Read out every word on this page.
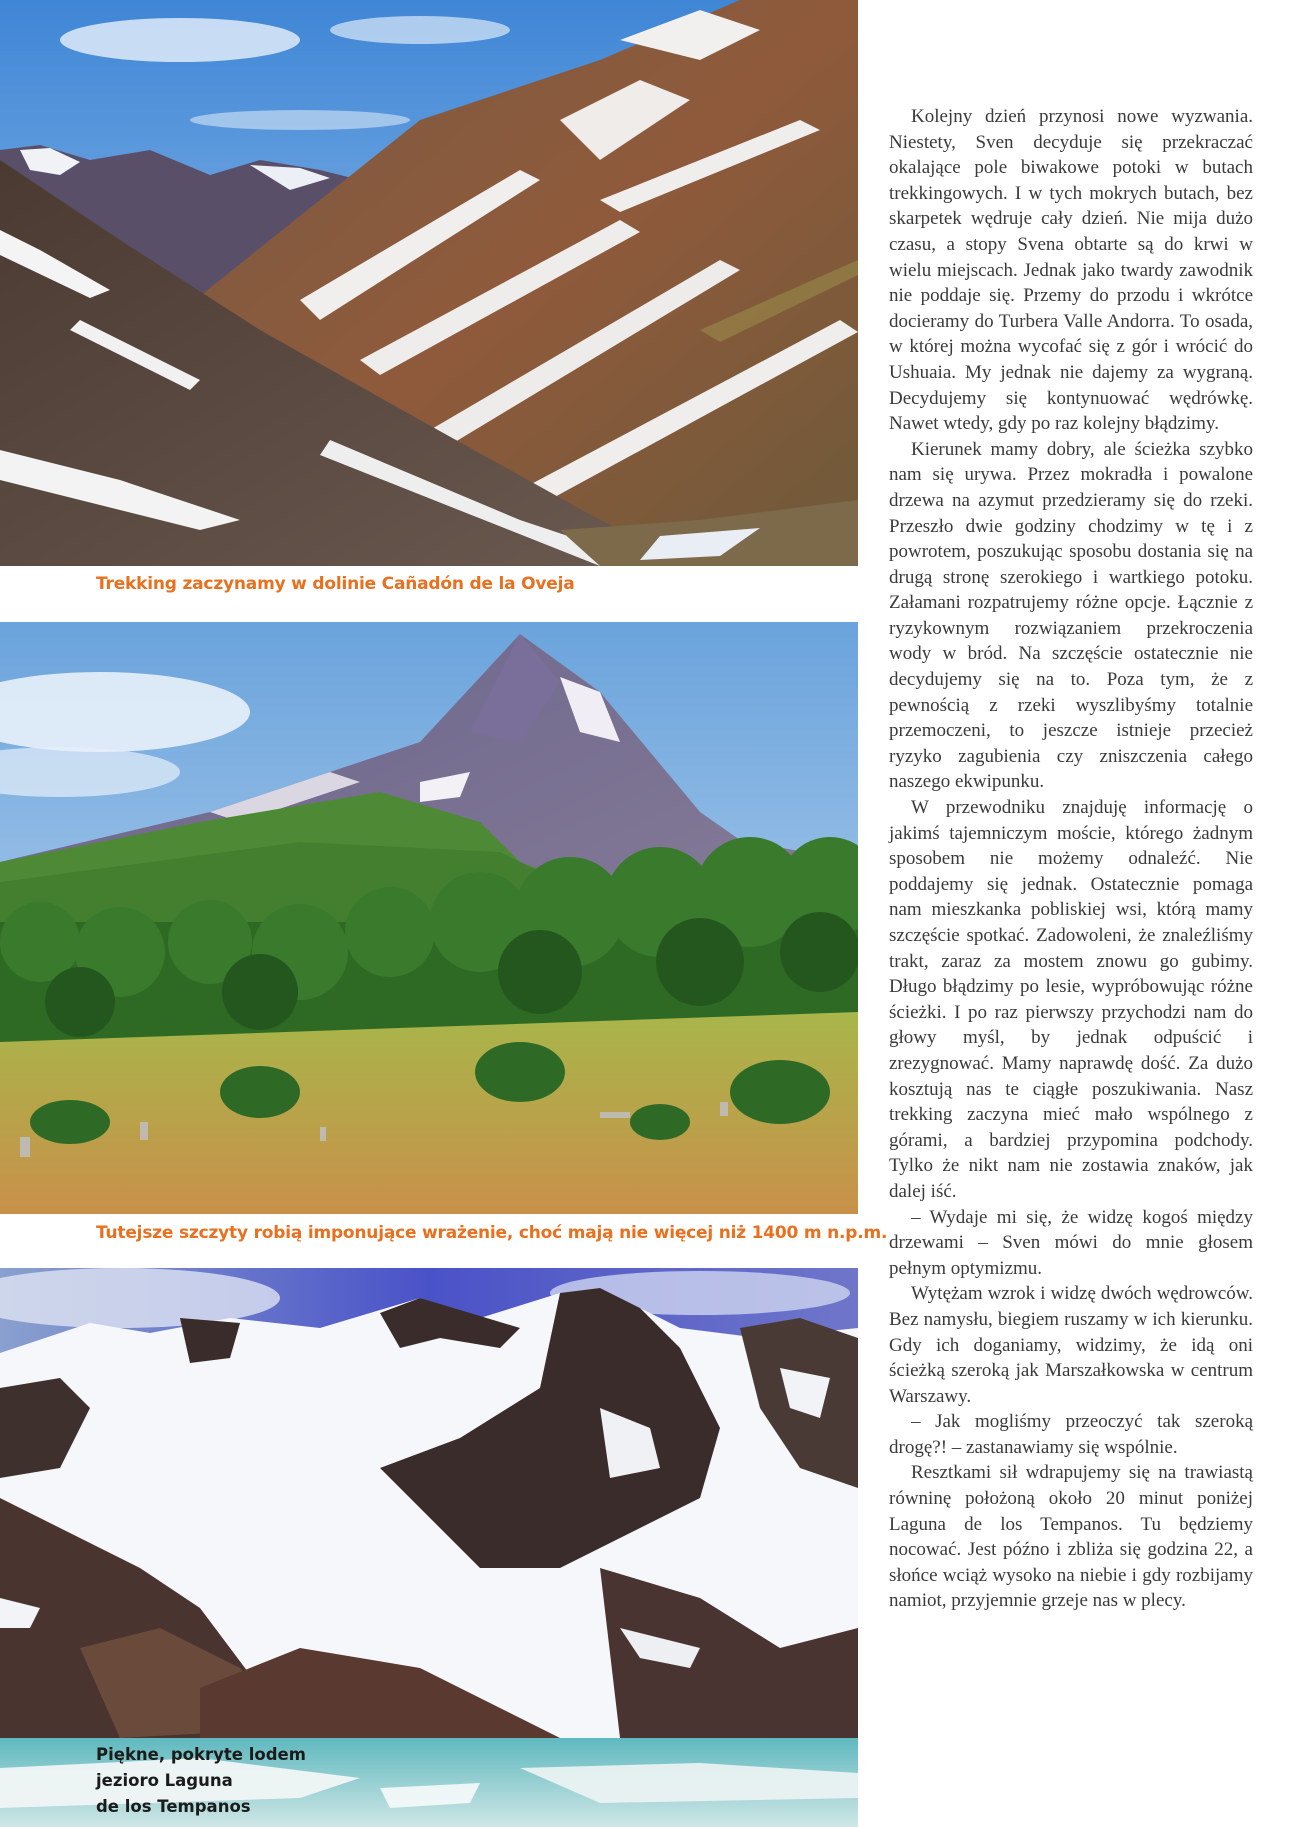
Trekking zaczynamy w dolinie Cañadón de la Oveja
Tutejsze szczyty robią imponujące wrażenie, choć mają nie więcej niż 1400 m n.p.m.
Piękne, pokryte lodem
jezioro Laguna
de los Tempanos

Kolejny dzień przynosi nowe wyzwania. Niestety, Sven decyduje się przekraczać okalające pole biwakowe potoki w butach trekkingowych. I w tych mokrych butach, bez skarpetek wędruje cały dzień. Nie mija dużo czasu, a stopy Svena obtarte są do krwi w wielu miejscach. Jednak jako twardy zawodnik nie poddaje się. Przemy do przodu i wkrótce docieramy do Turbera Valle Andorra. To osada, w której można wycofać się z gór i wrócić do Ushuaia. My jednak nie dajemy za wygraną. Decydujemy się kontynuować wędrówkę. Nawet wtedy, gdy po raz kolejny błądzimy.

Kierunek mamy dobry, ale ścieżka szybko nam się urywa. Przez mokradła i powalone drzewa na azymut przedzieramy się do rzeki. Przeszło dwie godziny chodzimy w tę i z powrotem, poszukując sposobu dostania się na drugą stronę szerokiego i wartkiego potoku. Załamani rozpatrujemy różne opcje. Łącznie z ryzykownym rozwiązaniem przekroczenia wody w bród. Na szczęście ostatecznie nie decydujemy się na to. Poza tym, że z pewnością z rzeki wyszlibyśmy totalnie przemoczeni, to jeszcze istnieje przecież ryzyko zagubienia czy zniszczenia całego naszego ekwipunku.

W przewodniku znajduję informację o jakimś tajemniczym moście, którego żadnym sposobem nie możemy odnaleźć. Nie poddajemy się jednak. Ostatecznie pomaga nam mieszkanka pobliskiej wsi, którą mamy szczęście spotkać. Zadowoleni, że znaleźliśmy trakt, zaraz za mostem znowu go gubimy. Długo błądzimy po lesie, wypróbowując różne ścieżki. I po raz pierwszy przychodzi nam do głowy myśl, by jednak odpuścić i zrezygnować. Mamy naprawdę dość. Za dużo kosztują nas te ciągłe poszukiwania. Nasz trekking zaczyna mieć mało wspólnego z górami, a bardziej przypomina podchody. Tylko że nikt nam nie zostawia znaków, jak dalej iść.

– Wydaje mi się, że widzę kogoś między drzewami – Sven mówi do mnie głosem pełnym optymizmu.

Wytężam wzrok i widzę dwóch wędrowców. Bez namysłu, biegiem ruszamy w ich kierunku. Gdy ich doganiamy, widzimy, że idą oni ścieżką szeroką jak Marszałkowska w centrum Warszawy.

– Jak mogliśmy przeoczyć tak szeroką drogę?! – zastanawiamy się wspólnie.

Resztkami sił wdrapujemy się na trawiastą równinę położoną około 20 minut poniżej Laguna de los Tempanos. Tu będziemy nocować. Jest późno i zbliża się godzina 22, a słońce wciąż wysoko na niebie i gdy rozbijamy namiot, przyjemnie grzeje nas w plecy.
